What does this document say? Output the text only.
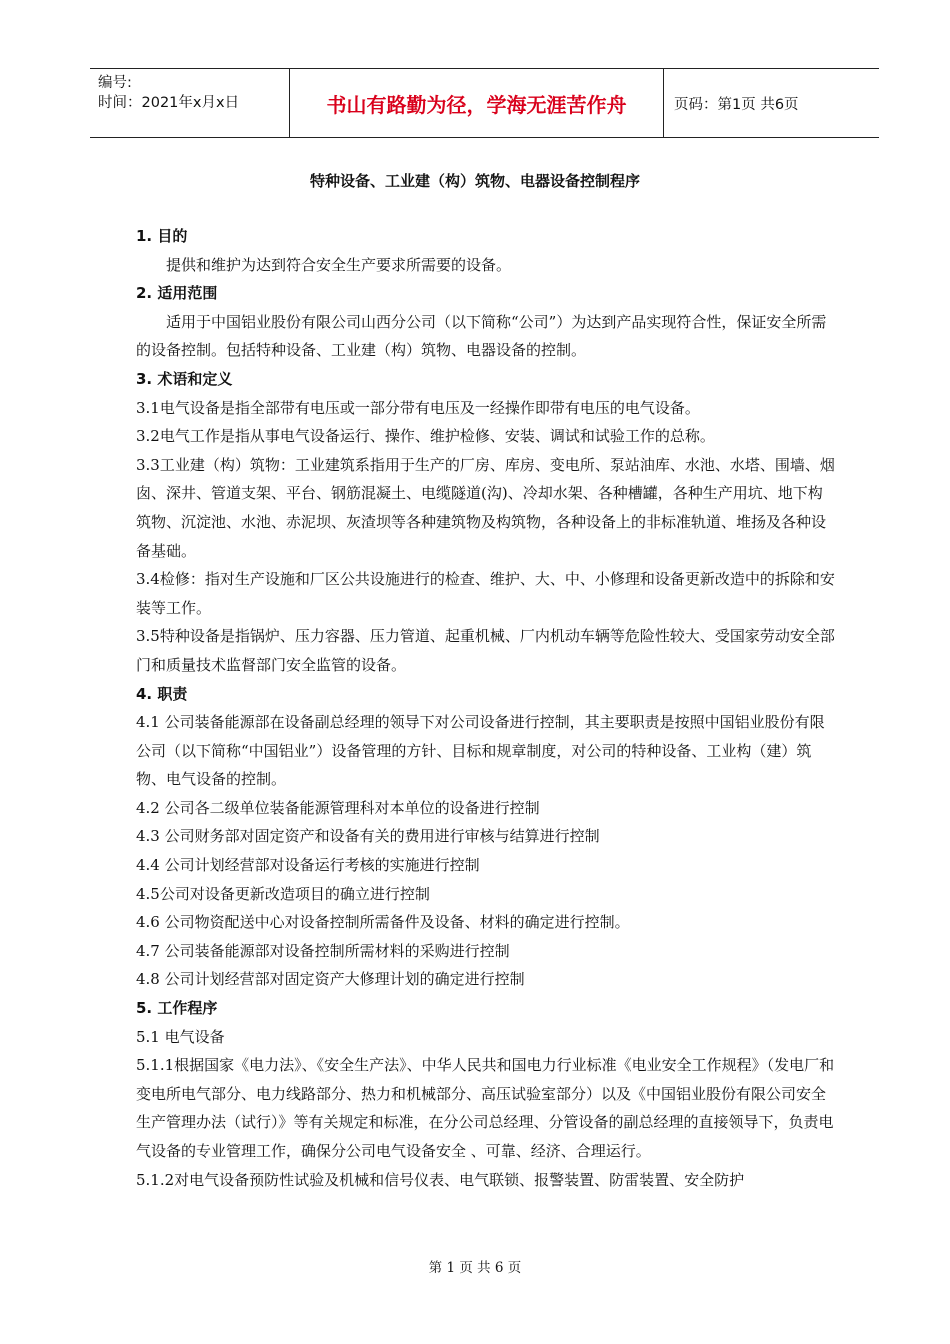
编号:
时间：2021年x月x日	书山有路勤为径，学海无涯苦作舟	页码：第1页 共6页
特种设备、工业建（构）筑物、电器设备控制程序

1. 目的

提供和维护为达到符合安全生产要求所需要的设备。

2. 适用范围

适用于中国铝业股份有限公司山西分公司（以下简称“公司”）为达到产品实现符合性，保证安全所需的设备控制。包括特种设备、工业建（构）筑物、电器设备的控制。

3. 术语和定义

3.1电气设备是指全部带有电压或一部分带有电压及一经操作即带有电压的电气设备。

3.2电气工作是指从事电气设备运行、操作、维护检修、安装、调试和试验工作的总称。

3.3工业建（构）筑物：工业建筑系指用于生产的厂房、库房、变电所、泵站油库、水池、水塔、围墙、烟囱、深井、管道支架、平台、钢筋混凝土、电缆隧道(沟)、冷却水架、各种槽罐，各种生产用坑、地下构筑物、沉淀池、水池、赤泥坝、灰渣坝等各种建筑物及构筑物，各种设备上的非标准轨道、堆扬及各种设备基础。

3.4检修：指对生产设施和厂区公共设施进行的检查、维护、大、中、小修理和设备更新改造中的拆除和安装等工作。

3.5特种设备是指锅炉、压力容器、压力管道、起重机械、厂内机动车辆等危险性较大、受国家劳动安全部门和质量技术监督部门安全监管的设备。

4. 职责

4.1 公司装备能源部在设备副总经理的领导下对公司设备进行控制，其主要职责是按照中国铝业股份有限公司（以下简称“中国铝业”）设备管理的方针、目标和规章制度，对公司的特种设备、工业构（建）筑物、电气设备的控制。

4.2 公司各二级单位装备能源管理科对本单位的设备进行控制

4.3 公司财务部对固定资产和设备有关的费用进行审核与结算进行控制

4.4 公司计划经营部对设备运行考核的实施进行控制

4.5公司对设备更新改造项目的确立进行控制

4.6 公司物资配送中心对设备控制所需备件及设备、材料的确定进行控制。

4.7 公司装备能源部对设备控制所需材料的采购进行控制

4.8 公司计划经营部对固定资产大修理计划的确定进行控制

5. 工作程序

5.1 电气设备

5.1.1根据国家《电力法》、《安全生产法》、中华人民共和国电力行业标准《电业安全工作规程》（发电厂和变电所电气部分、电力线路部分、热力和机械部分、高压试验室部分）以及《中国铝业股份有限公司安全生产管理办法（试行）》等有关规定和标准，在分公司总经理、分管设备的副总经理的直接领导下，负责电气设备的专业管理工作，确保分公司电气设备安全 、可靠、经济、合理运行。

5.1.2对电气设备预防性试验及机械和信号仪表、电气联锁、报警装置、防雷装置、安全防护

第 1 页 共 6 页
